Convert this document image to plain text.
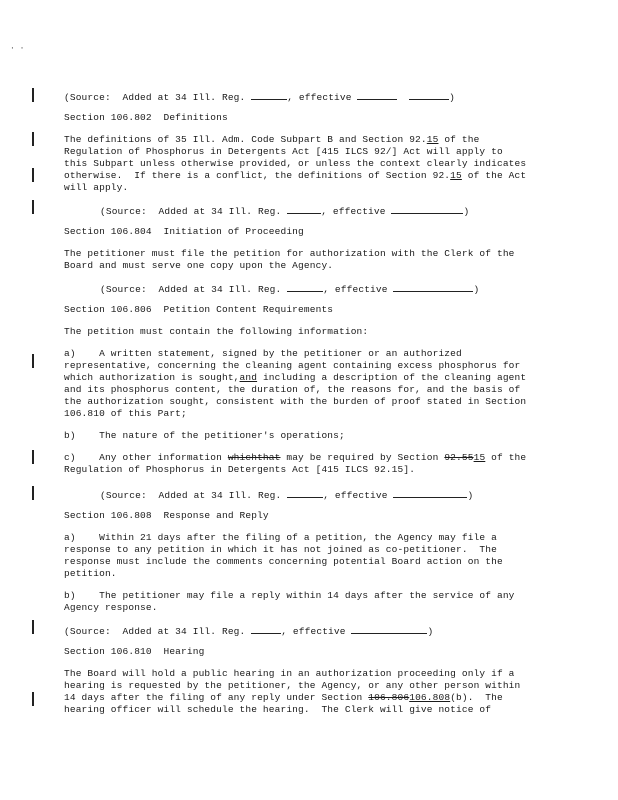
· ·
(Source:  Added at 34 Ill. Reg.	, effective	)
Section 106.802  Definitions
The definitions of 35 Ill. Adm. Code Subpart B and Section 92.15 of the
Regulation of Phosphorus in Detergents Act [415 ILCS 92/] Act will apply to
this Subpart unless otherwise provided, or unless the context clearly indicates
otherwise.  If there is a conflict, the definitions of Section 92.15 of the Act
will apply.
(Source:  Added at 34 Ill. Reg.	, effective	)
Section 106.804  Initiation of Proceeding
The petitioner must file the petition for authorization with the Clerk of the
Board and must serve one copy upon the Agency.
(Source:  Added at 34 Ill. Reg.	, effective	)
Section 106.806  Petition Content Requirements
The petition must contain the following information:
a)    A written statement, signed by the petitioner or an authorized
representative, concerning the cleaning agent containing excess phosphorus for
which authorization is sought,and including a description of the cleaning agent
and its phosphorus content, the duration of, the reasons for, and the basis of
the authorization sought, consistent with the burden of proof stated in Section
106.810 of this Part;
b)    The nature of the petitioner's operations;
c)    Any other information whichthat may be required by Section 92.5515 of the
Regulation of Phosphorus in Detergents Act [415 ILCS 92.15].
(Source:  Added at 34 Ill. Reg.	, effective	)
Section 106.808  Response and Reply
a)    Within 21 days after the filing of a petition, the Agency may file a
response to any petition in which it has not joined as co-petitioner.  The
response must include the comments concerning potential Board action on the
petition.
b)    The petitioner may file a reply within 14 days after the service of any
Agency response.
(Source:  Added at 34 Ill. Reg.	, effective	)
Section 106.810  Hearing
The Board will hold a public hearing in an authorization proceeding only if a
hearing is requested by the petitioner, the Agency, or any other person within
14 days after the filing of any reply under Section 106.806106.808(b).  The
hearing officer will schedule the hearing.  The Clerk will give notice of
